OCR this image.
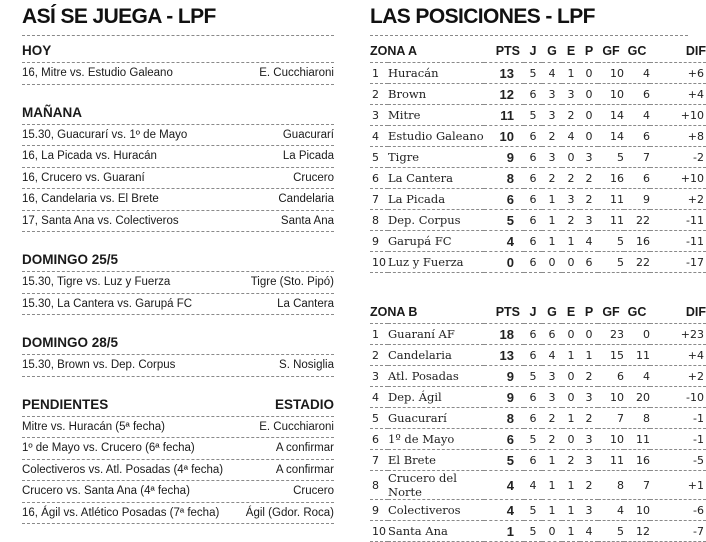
ASÍ SE JUEGA - LPF
HOY
16, Mitre vs. Estudio Galeano	E. Cucchiaroni
MAÑANA
15.30, Guacurarí vs. 1º de Mayo	Guacurarí
16, La Picada vs. Huracán	La Picada
16, Crucero vs. Guaraní	Crucero
16, Candelaria vs. El Brete	Candelaria
17, Santa Ana vs. Colectiveros	Santa Ana
DOMINGO 25/5
15.30, Tigre vs. Luz y Fuerza	Tigre (Sto. Pipó)
15.30, La Cantera vs. Garupá FC	La Cantera
DOMINGO 28/5
15.30, Brown vs. Dep. Corpus	S. Nosiglia
PENDIENTES	ESTADIO
Mitre vs. Huracán (5ª fecha)	E. Cucchiaroni
1º de Mayo vs. Crucero (6ª fecha)	A confirmar
Colectiveros vs. Atl. Posadas (4ª fecha)	A confirmar
Crucero vs. Santa Ana (4ª fecha)	Crucero
16, Ágil vs. Atlético Posadas (7ª fecha) Ágil (Gdor. Roca)
LAS POSICIONES - LPF
ZONA A		PTS	J	G	E	P	GF	GC	DIF
1	Huracán	13	5	4	1	0	10	4	+6
2	Brown	12	6	3	3	0	10	6	+4
3	Mitre	11	5	3	2	0	14	4	+10
4	Estudio Galeano	10	6	2	4	0	14	6	+8
5	Tigre	9	6	3	0	3	5	7	-2
6	La Cantera	8	6	2	2	2	16	6	+10
7	La Picada	6	6	1	3	2	11	9	+2
8	Dep. Corpus	5	6	1	2	3	11	22	-11
9	Garupá FC	4	6	1	1	4	5	16	-11
10	Luz y Fuerza	0	6	0	0	6	5	22	-17
ZONA B		PTS	J	G	E	P	GF	GC	DIF
1	Guaraní AF	18	6	6	0	0	23	0	+23
2	Candelaria	13	6	4	1	1	15	11	+4
3	Atl. Posadas	9	5	3	0	2	6	4	+2
4	Dep. Ágil	9	6	3	0	3	10	20	-10
5	Guacurarí	8	6	2	1	2	7	8	-1
6	1º de Mayo	6	5	2	0	3	10	11	-1
7	El Brete	5	6	1	2	3	11	16	-5
8	Crucero del Norte	4	4	1	1	2	8	7	+1
9	Colectiveros	4	5	1	1	3	4	10	-6
10	Santa Ana	1	5	0	1	4	5	12	-7
